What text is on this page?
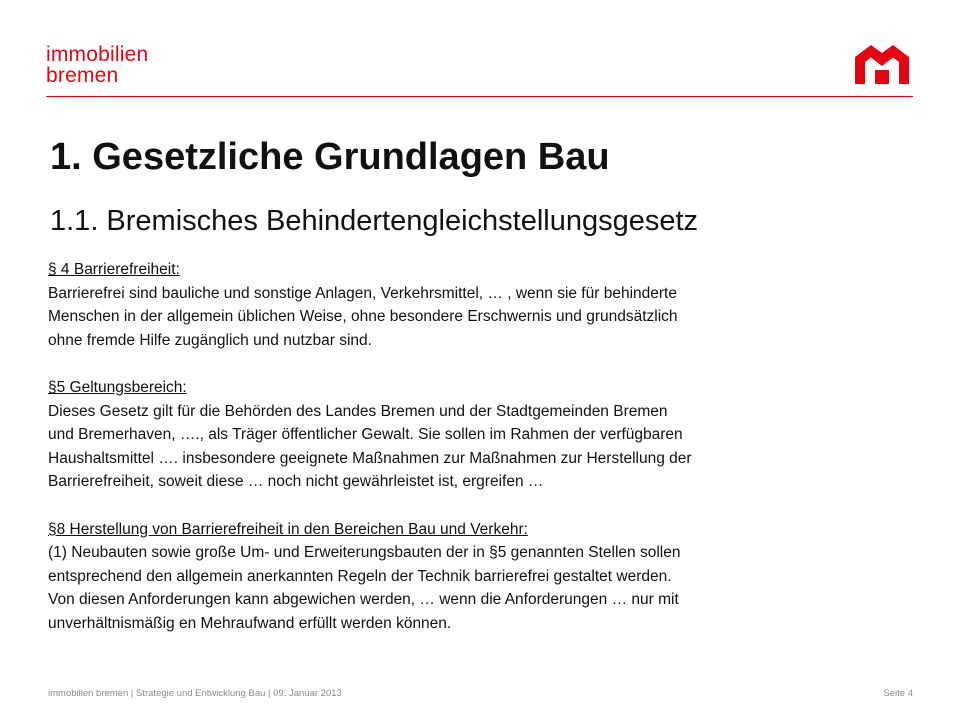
immobilien
bremen
1. Gesetzliche Grundlagen Bau
1.1. Bremisches Behindertengleichstellungsgesetz

§ 4 Barrierefreiheit:

Barrierefrei sind bauliche und sonstige Anlagen, Verkehrsmittel, … , wenn sie für behinderte

Menschen in der allgemein üblichen Weise, ohne besondere Erschwernis und grundsätzlich

ohne fremde Hilfe zugänglich und nutzbar sind.

§5 Geltungsbereich:

Dieses Gesetz gilt für die Behörden des Landes Bremen und der Stadtgemeinden Bremen

und Bremerhaven, …., als Träger öffentlicher Gewalt. Sie sollen im Rahmen der verfügbaren

Haushaltsmittel …. insbesondere geeignete Maßnahmen zur Maßnahmen zur Herstellung der

Barrierefreiheit, soweit diese … noch nicht gewährleistet ist, ergreifen …

§8 Herstellung von Barrierefreiheit in den Bereichen Bau und Verkehr:

(1) Neubauten sowie große Um- und Erweiterungsbauten der in §5 genannten Stellen sollen

entsprechend den allgemein anerkannten Regeln der Technik barrierefrei gestaltet werden.

Von diesen Anforderungen kann abgewichen werden, … wenn die Anforderungen … nur mit

unverhältnismäßig en Mehraufwand erfüllt werden können.

immobilien bremen | Strategie und Entwicklung Bau | 09. Januar 2013	Seite 4
